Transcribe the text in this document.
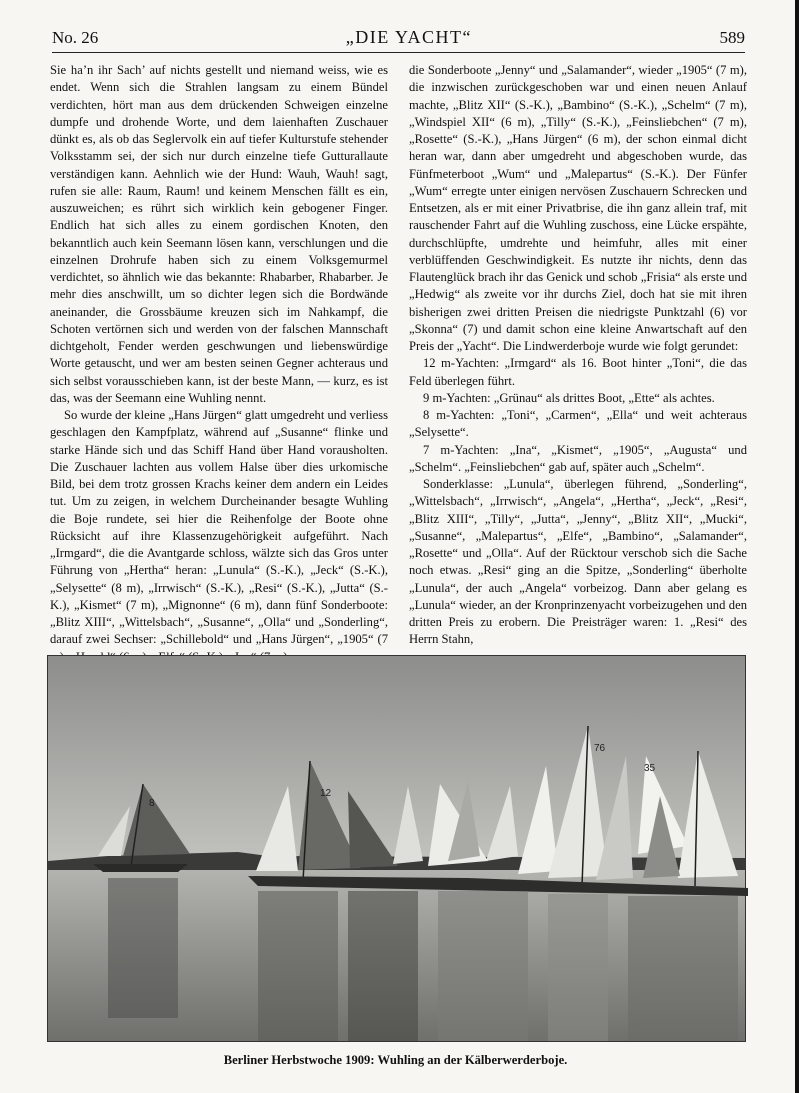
No. 26	„DIE YACHT“	589

Sie ha’n ihr Sach’ auf nichts gestellt und niemand weiss, wie es endet. Wenn sich die Strahlen langsam zu einem Bündel verdichten, hört man aus dem drückenden Schweigen einzelne dumpfe und drohende Worte, und dem laienhaften Zuschauer dünkt es, als ob das Seglervolk ein auf tiefer Kulturstufe stehender Volksstamm sei, der sich nur durch einzelne tiefe Gutturallaute verständigen kann. Aehnlich wie der Hund: Wauh, Wauh! sagt, rufen sie alle: Raum, Raum! und keinem Menschen fällt es ein, auszuweichen; es rührt sich wirklich kein gebogener Finger. Endlich hat sich alles zu einem gordischen Knoten, den bekanntlich auch kein Seemann lösen kann, verschlungen und die einzelnen Drohrufe haben sich zu einem Volksgemurmel verdichtet, so ähnlich wie das bekannte: Rhabarber, Rhabarber. Je mehr dies anschwillt, um so dichter legen sich die Bordwände aneinander, die Grossbäume kreuzen sich im Nahkampf, die Schoten vertörnen sich und werden von der falschen Mannschaft dichtgeholt, Fender werden geschwungen und liebenswürdige Worte getauscht, und wer am besten seinen Gegner achteraus und sich selbst vorausschieben kann, ist der beste Mann, — kurz, es ist das, was der Seemann eine Wuhling nennt.

So wurde der kleine „Hans Jürgen“ glatt umgedreht und verliess geschlagen den Kampfplatz, während auf „Susanne“ flinke und starke Hände sich und das Schiff Hand über Hand vorausholten. Die Zuschauer lachten aus vollem Halse über dies urkomische Bild, bei dem trotz grossen Krachs keiner dem andern ein Leides tut. Um zu zeigen, in welchem Durcheinander besagte Wuhling die Boje rundete, sei hier die Reihenfolge der Boote ohne Rücksicht auf ihre Klassenzugehörigkeit aufgeführt. Nach „Irmgard“, die die Avantgarde schloss, wälzte sich das Gros unter Führung von „Hertha“ heran: „Lunula“ (S.-K.), „Jeck“ (S.-K.), „Selysette“ (8 m), „Irrwisch“ (S.-K.), „Resi“ (S.-K.), „Jutta“ (S.-K.), „Kismet“ (7 m), „Mignonne“ (6 m), dann fünf Sonderboote: „Blitz XIII“, „Wittelsbach“, „Susanne“, „Olla“ und „Sonderling“, darauf zwei Sechser: „Schillebold“ und „Hans Jürgen“, „1905“ (7

die Sonderboote „Jenny“ und „Salamander“, wieder „1905“ (7 m), die inzwischen zurückgeschoben war und einen neuen Anlauf machte, „Blitz XII“ (S.-K.), „Bambino“ (S.-K.), „Schelm“ (7 m), „Windspiel XII“ (6 m), „Tilly“ (S.-K.), „Feinsliebchen“ (7 m), „Rosette“ (S.-K.), „Hans Jürgen“ (6 m), der schon einmal dicht heran war, dann aber umgedreht und abgeschoben wurde, das Fünfmeterboot „Wum“ und „Malepartus“ (S.-K.). Der Fünfer „Wum“ erregte unter einigen nervösen Zuschauern Schrecken und Entsetzen, als er mit einer Privatbrise, die ihn ganz allein traf, mit rauschender Fahrt auf die Wuhling zuschoss, eine Lücke erspähte, durchschlüpfte, umdrehte und heimfuhr, alles mit einer verblüffenden Geschwindigkeit. Es nutzte ihr nichts, denn das Flautenglück brach ihr das Genick und schob „Frisia“ als erste und „Hedwig“ als zweite vor ihr durchs Ziel, doch hat sie mit ihren bisherigen zwei dritten Preisen die niedrigste Punktzahl (6) vor „Skonna“ (7) und damit schon eine kleine Anwartschaft auf den Preis der „Yacht“. Die Lindwerderboje wurde wie folgt gerundet:

12 m-Yachten: „Irmgard“ als 16. Boot hinter „Toni“, die das Feld überlegen führt.

9 m-Yachten: „Grünau“ als drittes Boot, „Ette“ als achtes.

8 m-Yachten: „Toni“, „Carmen“, „Ella“ und weit achteraus „Selysette“.

7 m-Yachten: „Ina“, „Kismet“, „1905“, „Augusta“ und „Schelm“. „Feinsliebchen“ gab auf, später auch „Schelm“.

Sonderklasse: „Lunula“, überlegen führend, „Sonderling“, „Wittelsbach“, „Irrwisch“, „Angela“, „Hertha“, „Jeck“, „Resi“, „Blitz XIII“, „Tilly“, „Jutta“, „Jenny“, „Blitz XII“, „Mucki“, „Susanne“, „Malepartus“, „Elfe“, „Bambino“, „Salamander“, „Rosette“ und „Olla“. Auf der Rücktour verschob sich die Sache noch etwas. „Resi“ ging an die Spitze, „Sonderling“ überholte „Lunula“, der auch „Angela“ vorbeizog. Dann aber gelang es „Lunula“ wieder, an der Kronprinzenyacht vorbeizugehen und den dritten Preis zu erobern. Die Preisträger waren: 1. „Resi“ des Herrn Stahn,

8
12
76
35
Berliner Herbstwoche 1909: Wuhling an der Kälberwerderboje.
